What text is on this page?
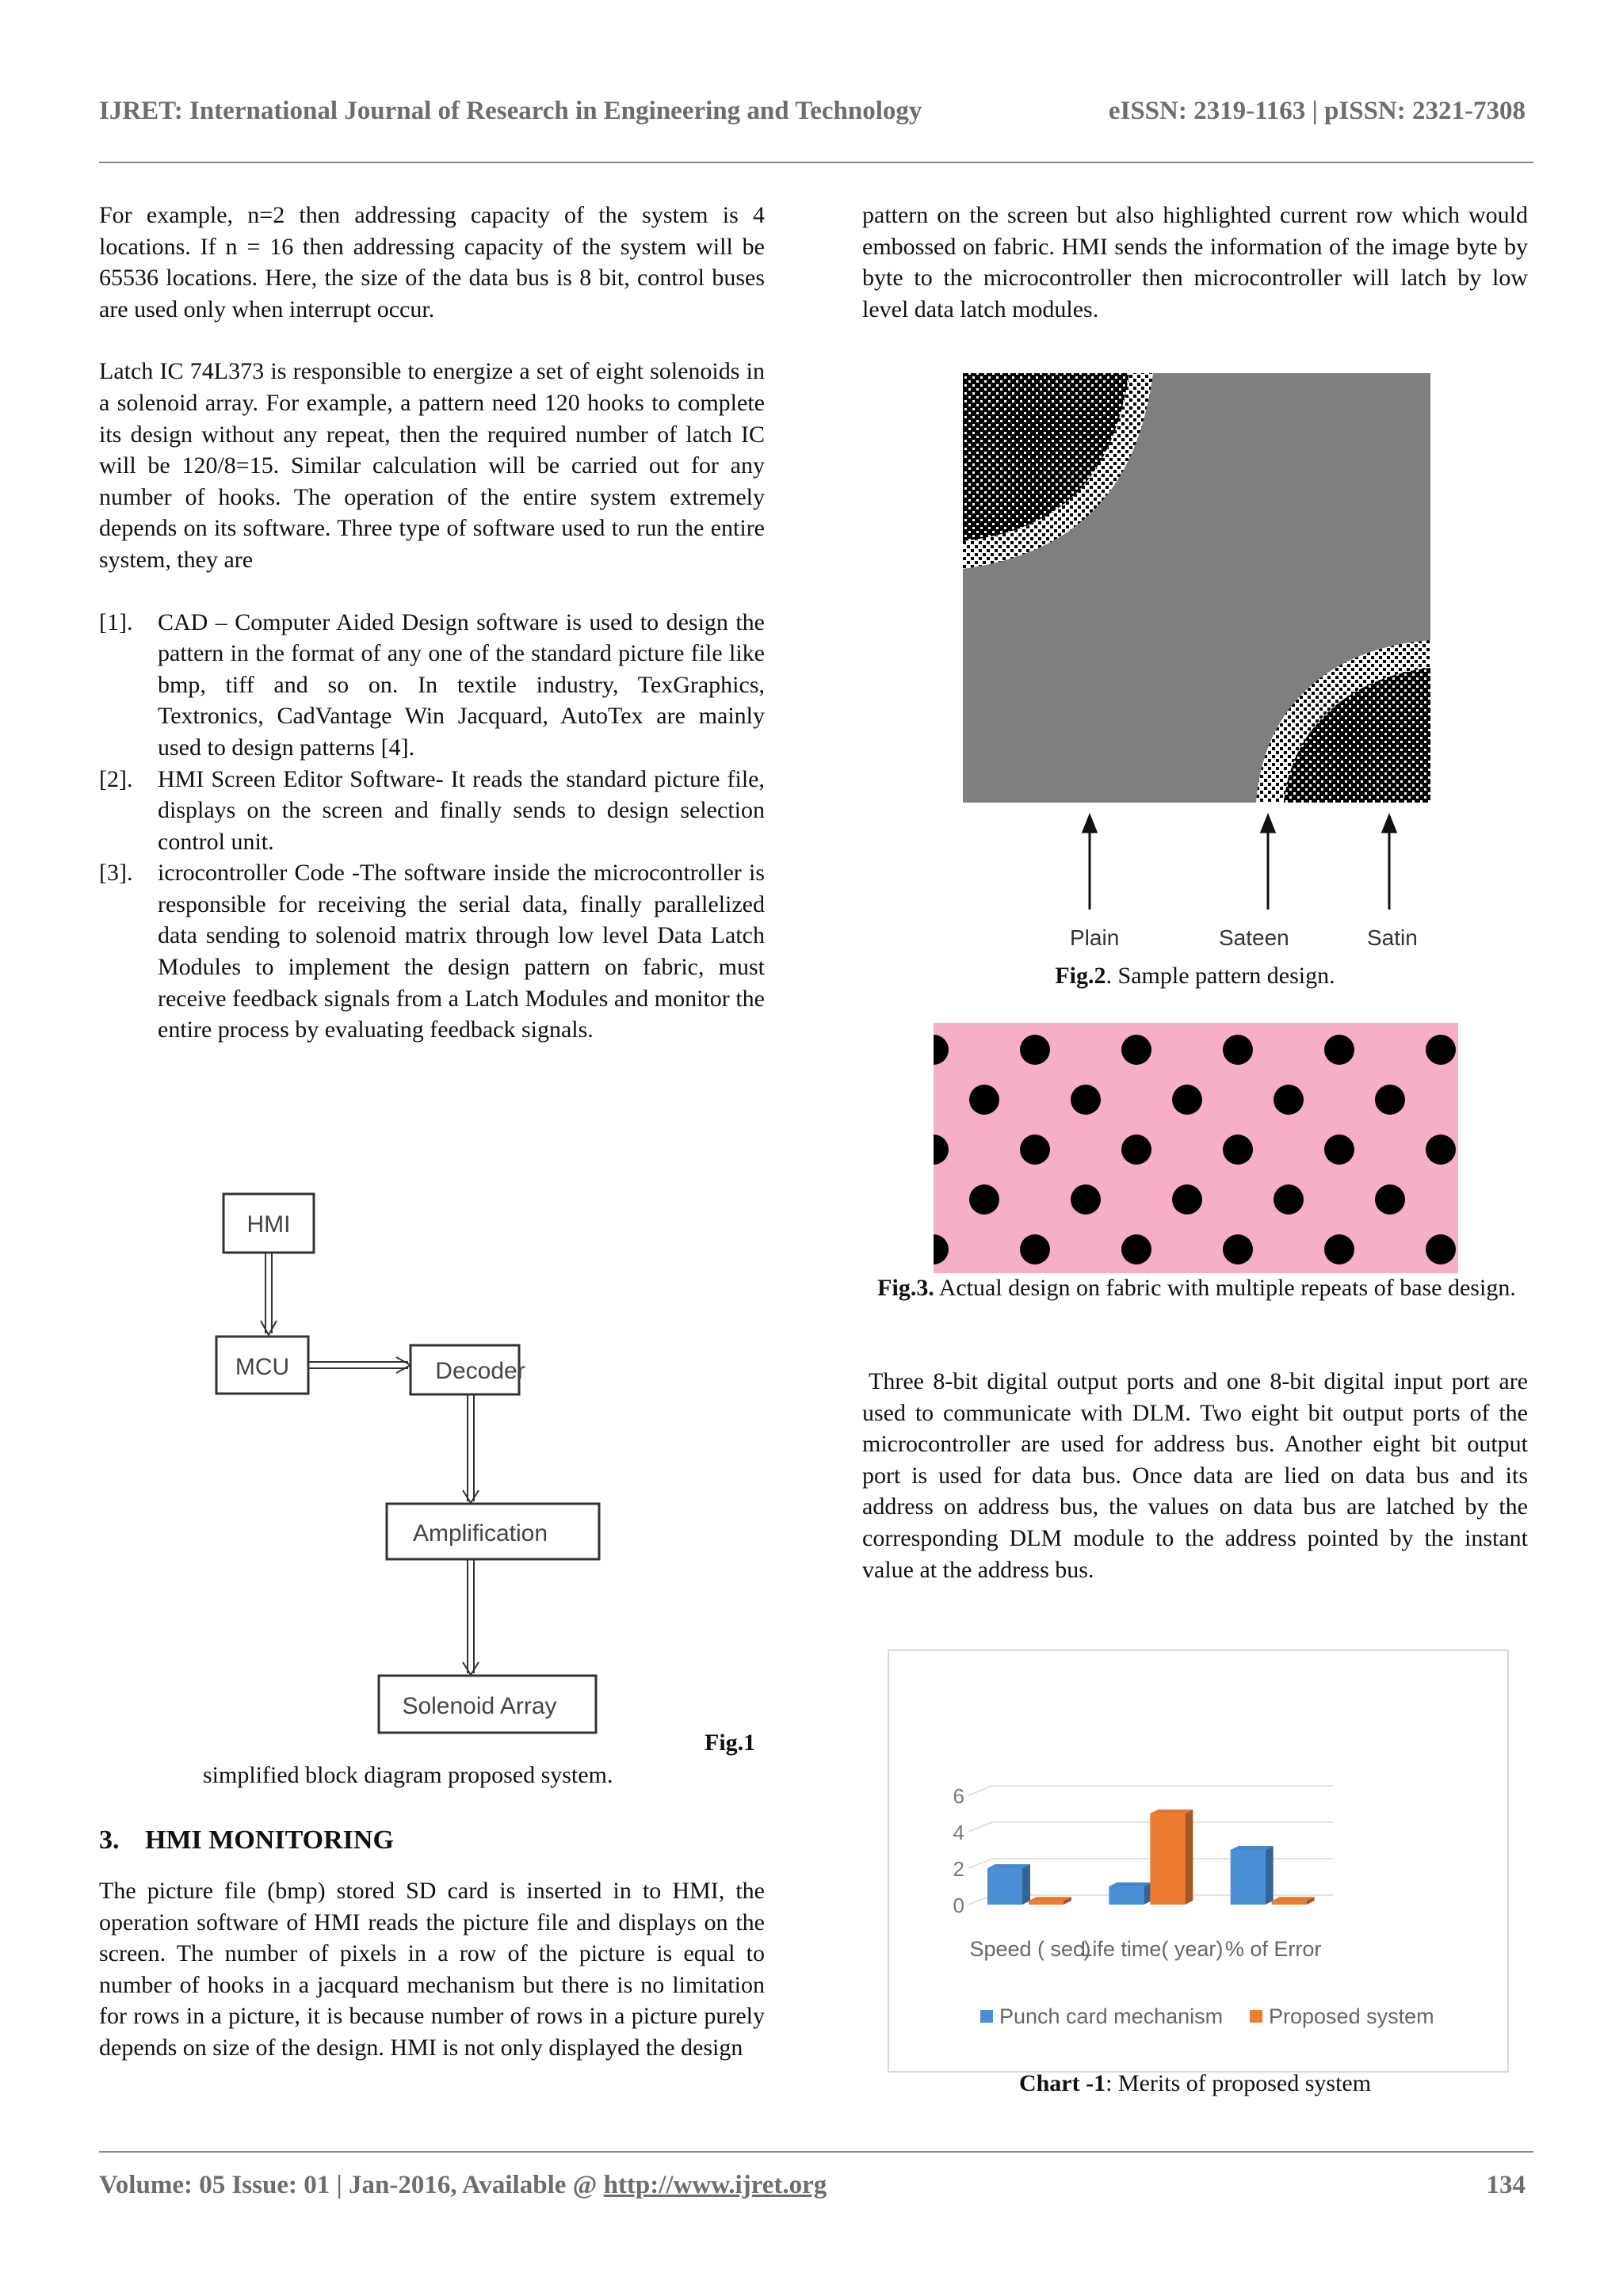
IJRET: International Journal of Research in Engineering and Technology	eISSN: 2319-1163 | pISSN: 2321-7308

For example, n=2 then addressing capacity of the system is 4 locations. If n = 16 then addressing capacity of the system will be 65536 locations. Here, the size of the data bus is 8 bit, control buses are used only when interrupt occur.

Latch IC 74L373 is responsible to energize a set of eight solenoids in a solenoid array. For example, a pattern need 120 hooks to complete its design without any repeat, then the required number of latch IC will be 120/8=15. Similar calculation will be carried out for any number of hooks. The operation of the entire system extremely depends on its software. Three type of software used to run the entire system, they are

[1].	CAD – Computer Aided Design software is used to design the pattern in the format of any one of the standard picture file like bmp, tiff and so on. In textile industry, TexGraphics, Textronics, CadVantage Win Jacquard, AutoTex are mainly used to design patterns [4].
[2].	HMI Screen Editor Software- It reads the standard picture file, displays on the screen and finally sends to design selection control unit.
[3].	icrocontroller Code -The software inside the microcontroller is responsible for receiving the serial data, finally parallelized data sending to solenoid matrix through low level Data Latch Modules to implement the design pattern on fabric, must receive feedback signals from a Latch Modules and monitor the entire process by evaluating feedback signals.
HMI
MCU	Decoder
Amplification
Solenoid Array
Fig.1
simplified block diagram proposed system.
3. HMI MONITORING

The picture file (bmp) stored SD card is inserted in to HMI, the operation software of HMI reads the picture file and displays on the screen. The number of pixels in a row of the picture is equal to number of hooks in a jacquard mechanism but there is no limitation for rows in a picture, it is because number of rows in a picture purely depends on size of the design. HMI is not only displayed the design

pattern on the screen but also highlighted current row which would embossed on fabric. HMI sends the information of the image byte by byte to the microcontroller then microcontroller will latch by low level data latch modules.

Plain	Sateen	Satin
Fig.2. Sample pattern design.
Fig.3. Actual design on fabric with multiple repeats of base design.

Three 8-bit digital output ports and one 8-bit digital input port are used to communicate with DLM. Two eight bit output ports of the microcontroller are used for address bus. Another eight bit output port is used for data bus. Once data are lied on data bus and its address on address bus, the values on data bus are latched by the corresponding DLM module to the address pointed by the instant value at the address bus.

0
2
4
6
Speed ( sec)
Life time( year) % of Error
Punch card mechanism Proposed system
Chart -1: Merits of proposed system
Volume: 05 Issue: 01 | Jan-2016, Available @ http://www.ijret.org	134
